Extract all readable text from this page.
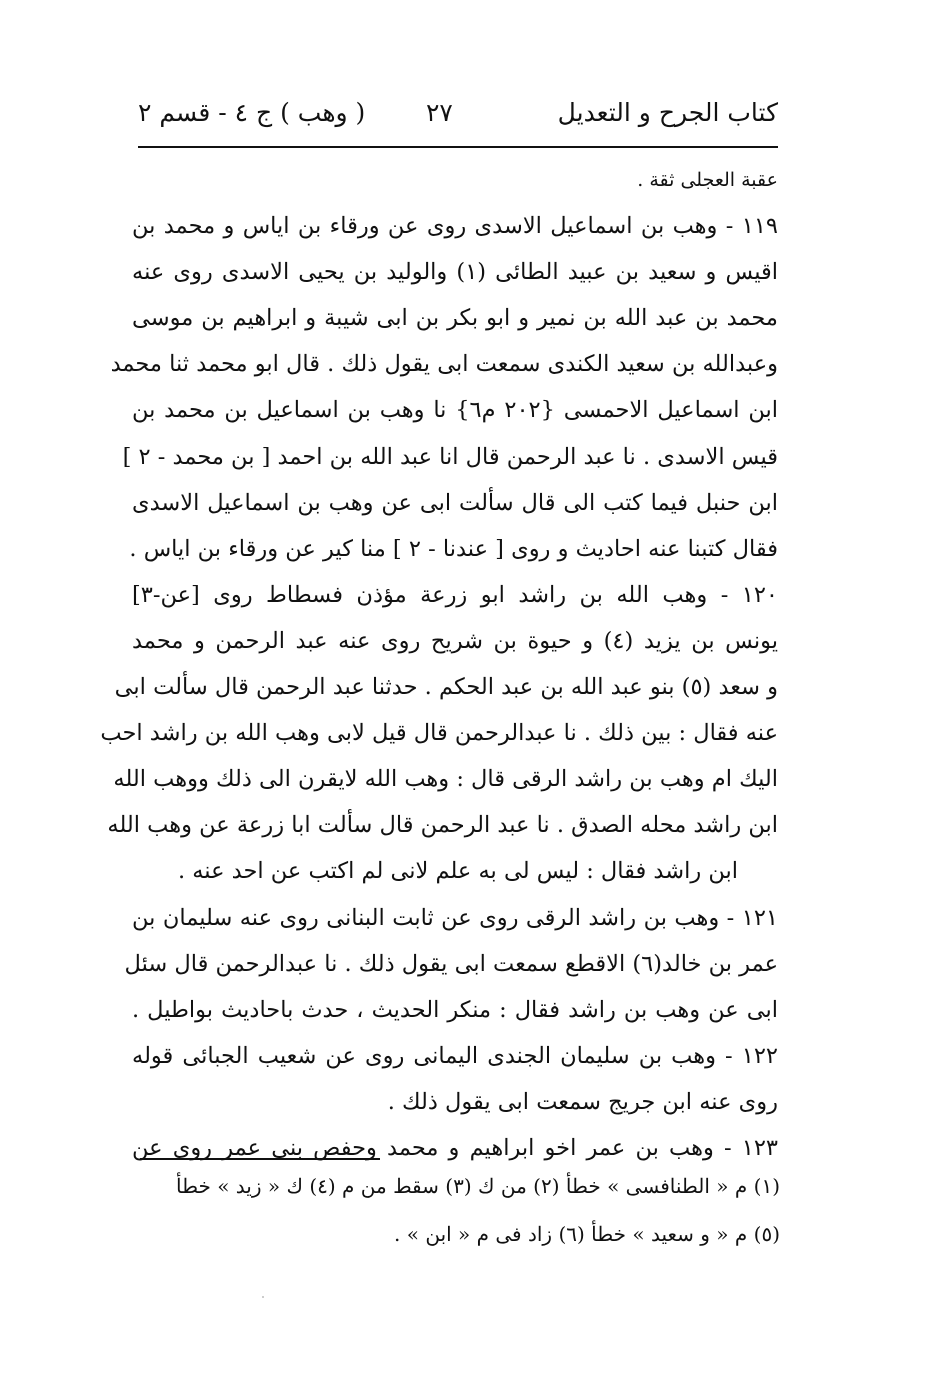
كتاب الجرح و التعديل
٢٧
( وهب ) ج ٤ - قسم ٢
عقبة العجلى ثقة .
١١٩ - وهب بن اسماعيل الاسدى روى عن ورقاء بن اياس و محمد بن
اقيس و سعيد بن عبيد الطائى (١) والوليد بن يحيى الاسدى روى عنه
محمد بن عبد الله بن نمير و ابو بكر بن ابى شيبة و ابراهيم بن موسى
وعبدالله بن سعيد الكندى سمعت ابى يقول ذلك . قال ابو محمد ثنا محمد
ابن اسماعيل الاحمسى {٢٠٢ م٦} نا وهب بن اسماعيل بن محمد بن
قيس الاسدى . نا عبد الرحمن قال انا عبد الله بن احمد [ بن محمد - ٢ ]
ابن حنبل فيما كتب الى قال سألت ابى عن وهب بن اسماعيل الاسدى
فقال كتبنا عنه احاديث و روى [ عندنا - ٢ ] منا كير عن ورقاء بن اياس .
١٢٠ - وهب الله بن راشد ابو زرعة مؤذن فسطاط روى [عن-٣]
يونس بن يزيد (٤) و حيوة بن شريح روى عنه عبد الرحمن و محمد
و سعد (٥) بنو عبد الله بن عبد الحكم . حدثنا عبد الرحمن قال سألت ابى
عنه فقال : بين ذلك . نا عبدالرحمن قال قيل لابى وهب الله بن راشد احب
اليك ام وهب بن راشد الرقى قال : وهب الله لايقرن الى ذلك ووهب الله
ابن راشد محله الصدق . نا عبد الرحمن قال سألت ابا زرعة عن وهب الله
ابن راشد فقال : ليس لى به علم لانى لم اكتب عن احد عنه .
١٢١ - وهب بن راشد الرقى روى عن ثابت البنانى روى عنه سليمان بن
عمر بن خالد(٦) الاقطع سمعت ابى يقول ذلك . نا عبدالرحمن قال سئل
ابى عن وهب بن راشد فقال : منكر الحديث ، حدث باحاديث بواطيل .
١٢٢ - وهب بن سليمان الجندى اليمانى روى عن شعيب الجبائى قوله
روى عنه ابن جريج سمعت ابى يقول ذلك .
١٢٣ - وهب بن عمر اخو ابراهيم و محمد وحفص بنى عمر روى عن
(١) م « الطنافسى » خطأ (٢) من ك (٣) سقط من م (٤) ك « زيد » خطأ
(٥) م « و سعيد » خطأ (٦) زاد فى م « ابن » .
